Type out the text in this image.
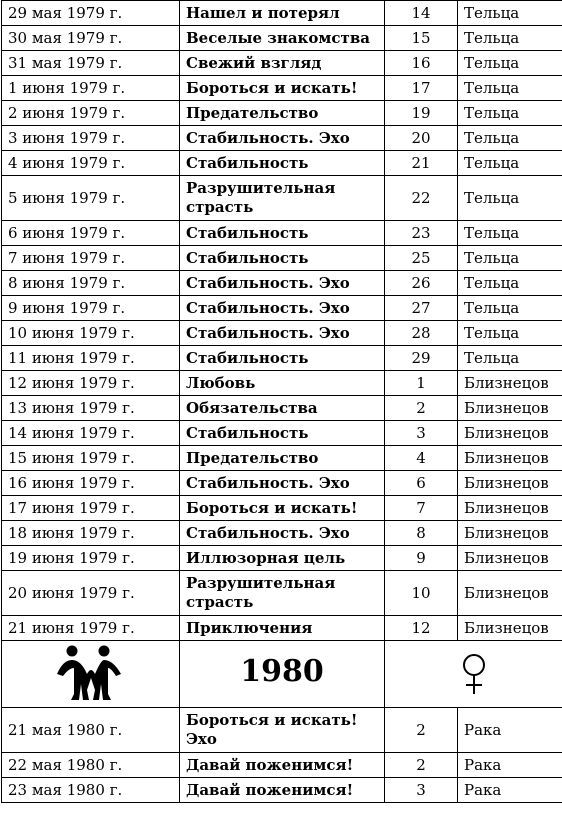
29 мая 1979 г.	Нашел и потерял	14	Тельца
30 мая 1979 г.	Веселые знакомства	15	Тельца
31 мая 1979 г.	Свежий взгляд	16	Тельца
1 июня 1979 г.	Бороться и искать!	17	Тельца
2 июня 1979 г.	Предательство	19	Тельца
3 июня 1979 г.	Стабильность. Эхо	20	Тельца
4 июня 1979 г.	Стабильность	21	Тельца
5 июня 1979 г.	Разрушительная страсть	22	Тельца
6 июня 1979 г.	Стабильность	23	Тельца
7 июня 1979 г.	Стабильность	25	Тельца
8 июня 1979 г.	Стабильность. Эхо	26	Тельца
9 июня 1979 г.	Стабильность. Эхо	27	Тельца
10 июня 1979 г.	Стабильность. Эхо	28	Тельца
11 июня 1979 г.	Стабильность	29	Тельца
12 июня 1979 г.	Любовь	1	Близнецов
13 июня 1979 г.	Обязательства	2	Близнецов
14 июня 1979 г.	Стабильность	3	Близнецов
15 июня 1979 г.	Предательство	4	Близнецов
16 июня 1979 г.	Стабильность. Эхо	6	Близнецов
17 июня 1979 г.	Бороться и искать!	7	Близнецов
18 июня 1979 г.	Стабильность. Эхо	8	Близнецов
19 июня 1979 г.	Иллюзорная цель	9	Близнецов
20 июня 1979 г.	Разрушительная страсть	10	Близнецов
21 июня 1979 г.	Приключения	12	Близнецов
	1980	
21 мая 1980 г.	Бороться и искать! Эхо	2	Рака
22 мая 1980 г.	Давай поженимся!	2	Рака
23 мая 1980 г.	Давай поженимся!	3	Рака
